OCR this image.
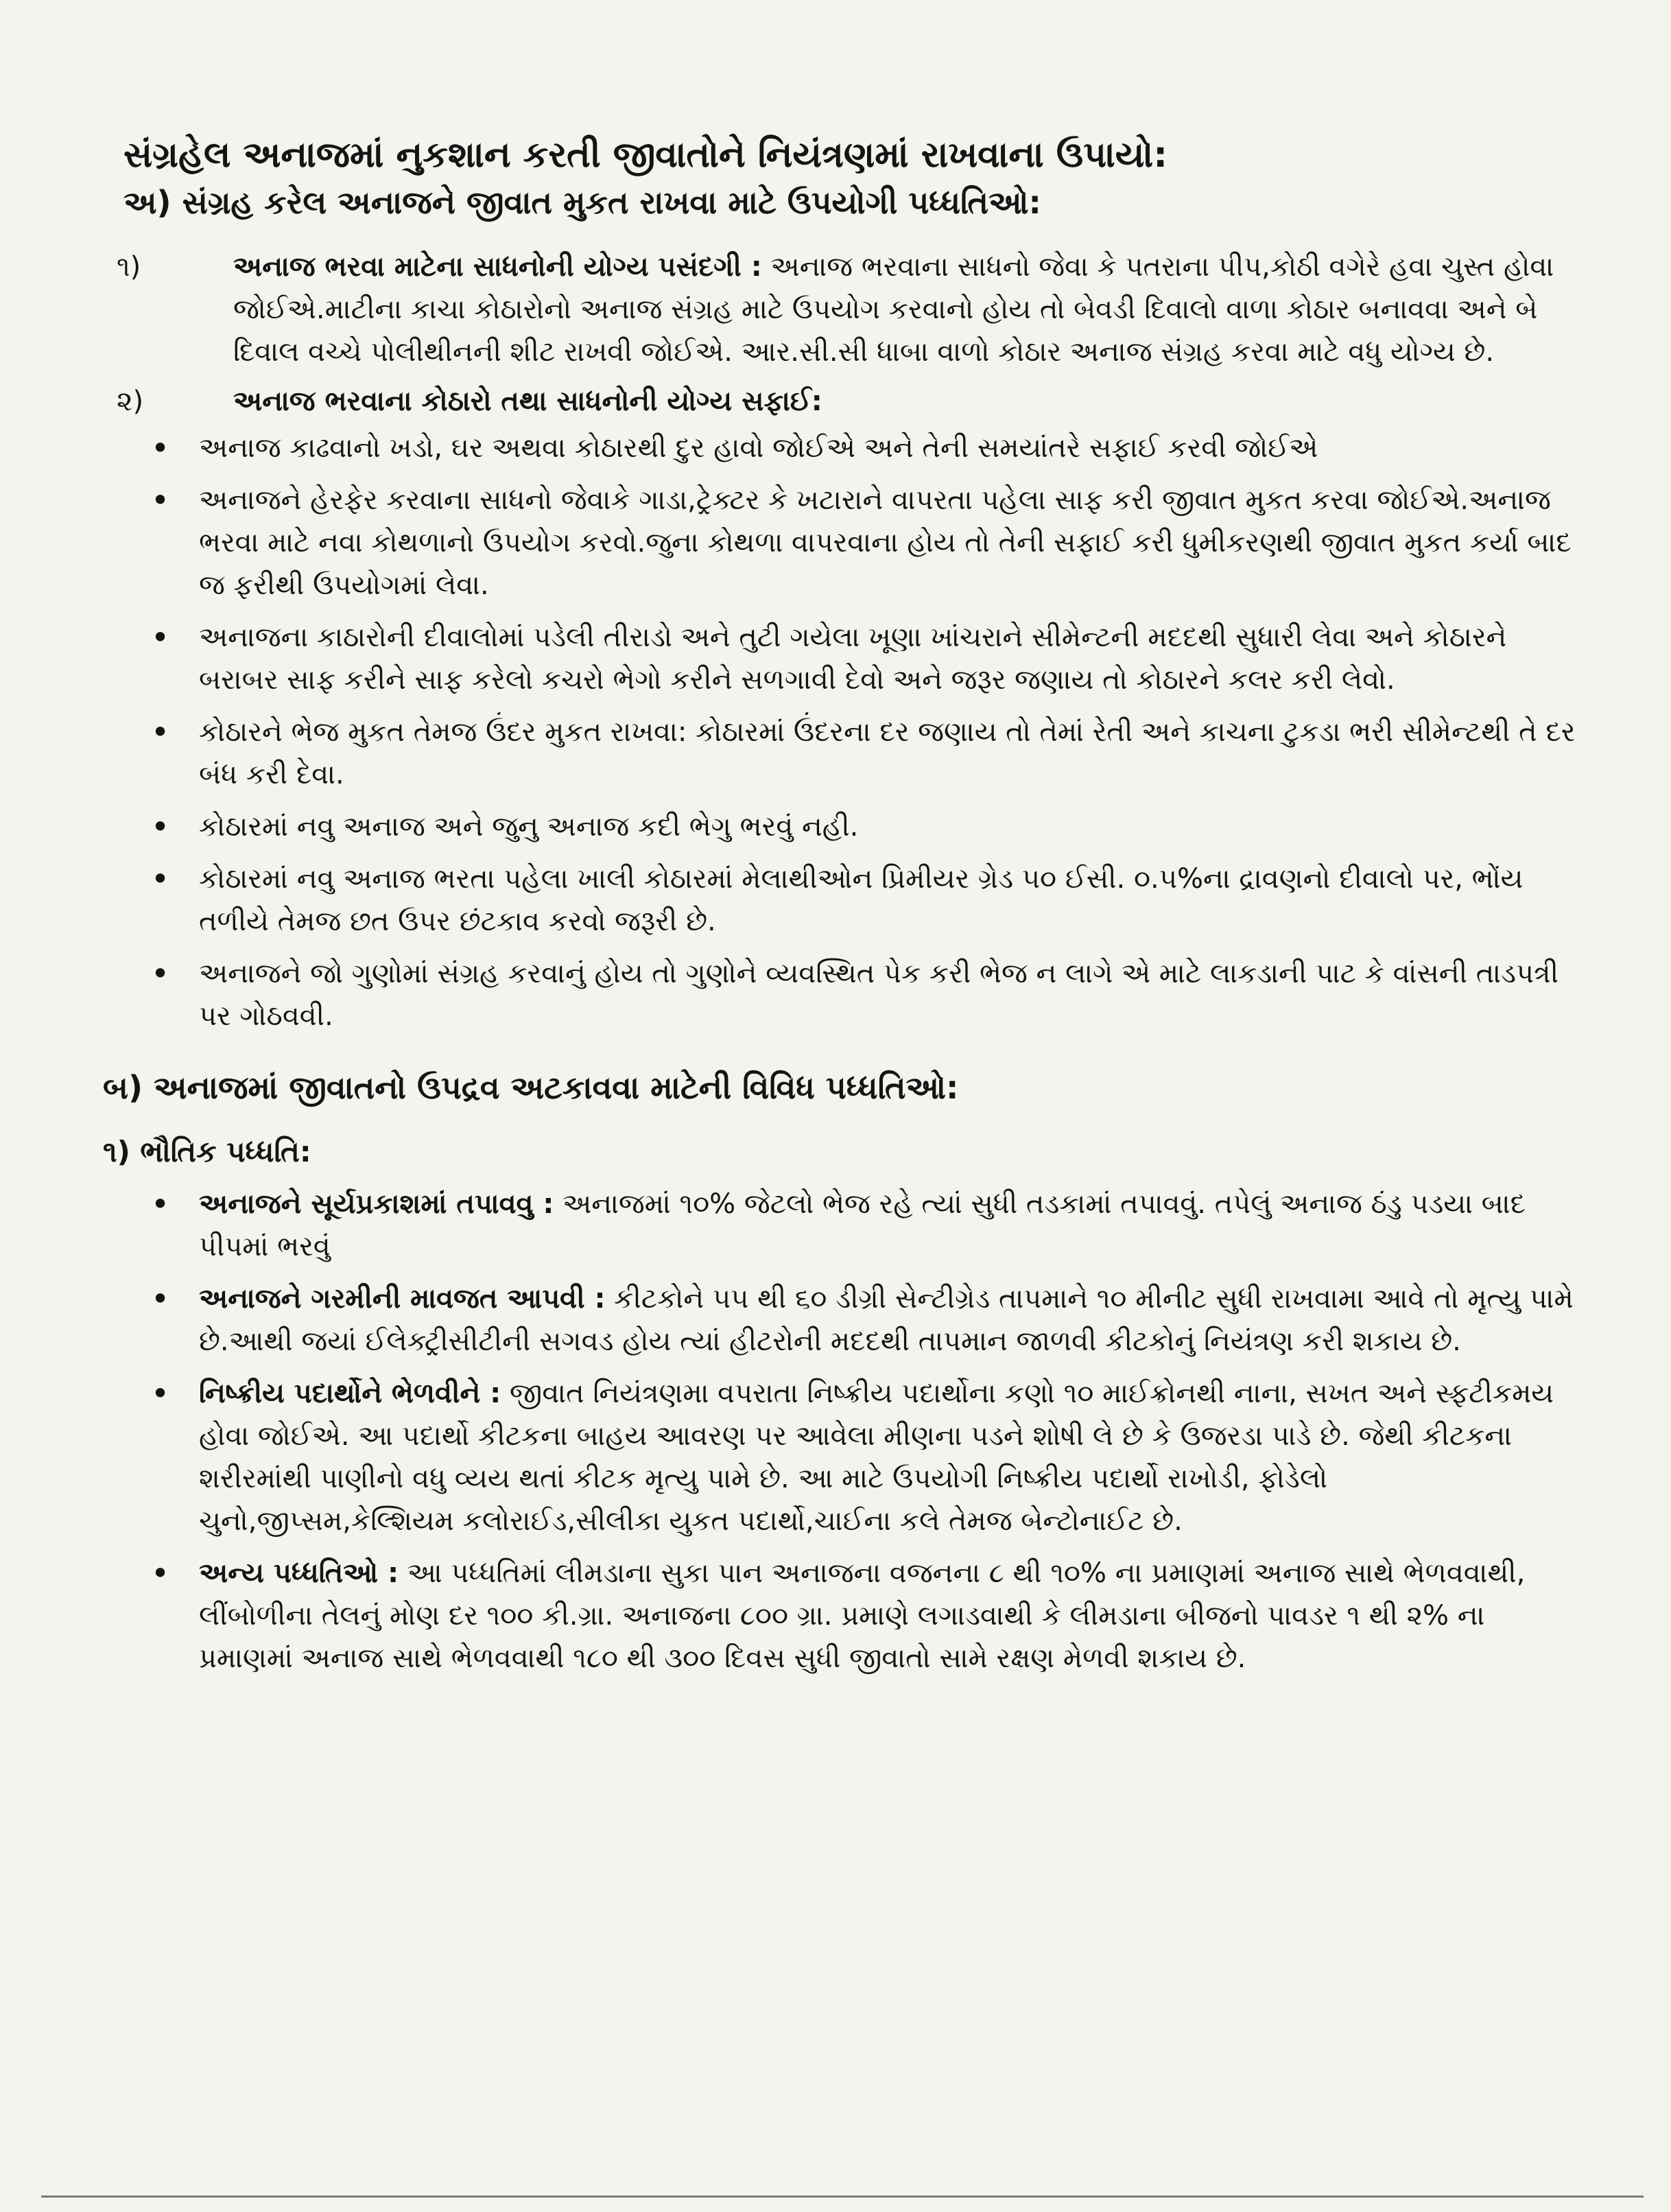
સંગ્રહેલ અનાજમાં નુકશાન કરતી જીવાતોને નિયંત્રણમાં રાખવાના ઉપાયો:
અ) સંગ્રહ કરેલ અનાજને જીવાત મુકત રાખવા માટે ઉપયોગી પધ્ધતિઓ:
૧)	અનાજ ભરવા માટેના સાધનોની યોગ્ય પસંદગી : અનાજ ભરવાના સાધનો જેવા કે પતરાના પીપ,કોઠી વગેરે હવા ચુસ્ત હોવા જોઈએ.માટીના કાચા કોઠારોનો અનાજ સંગ્રહ માટે ઉપયોગ કરવાનો હોય તો બેવડી દિવાલો વાળા કોઠાર બનાવવા અને બે દિવાલ વચ્ચે પોલીથીનની શીટ રાખવી જોઈએ. આર.સી.સી ધાબા વાળો કોઠાર અનાજ સંગ્રહ કરવા માટે વધુ યોગ્ય છે.
૨)	અનાજ ભરવાના કોઠારો તથા સાધનોની યોગ્ય સફાઈ:
• અનાજ કાઢવાનો ખડો, ઘર અથવા કોઠારથી દુર હાવો જોઈએ અને તેની સમયાંતરે સફાઈ કરવી જોઈએ
• અનાજને હેરફેર કરવાના સાધનો જેવાકે ગાડા,ટ્રેક્ટર કે ખટારાને વાપરતા પહેલા સાફ કરી જીવાત મુકત કરવા જોઈએ.અનાજ ભરવા માટે નવા કોથળાનો ઉપયોગ કરવો.જુના કોથળા વાપરવાના હોય તો તેની સફાઈ કરી ધુમીકરણથી જીવાત મુકત કર્યા બાદ જ ફરીથી ઉપયોગમાં લેવા.
• અનાજના કાઠારોની દીવાલોમાં પડેલી તીરાડો અને તુટી ગયેલા ખૂણા ખાંચરાને સીમેન્ટની મદદથી સુધારી લેવા અને કોઠારને બરાબર સાફ કરીને સાફ કરેલો કચરો ભેગો કરીને સળગાવી દેવો અને જરૂર જણાય તો કોઠારને કલર કરી લેવો.
• કોઠારને ભેજ મુકત તેમજ ઉંદર મુકત રાખવા: કોઠારમાં ઉંદરના દર જણાય તો તેમાં રેતી અને કાચના ટુકડા ભરી સીમેન્ટથી તે દર બંધ કરી દેવા.
• કોઠારમાં નવુ અનાજ અને જુનુ અનાજ કદી ભેગુ ભરવું નહી.
• કોઠારમાં નવુ અનાજ ભરતા પહેલા ખાલી કોઠારમાં મેલાથીઓન પ્રિમીયર ગ્રેડ ૫૦ ઈસી. ૦.૫%ના દ્રાવણનો દીવાલો પર, ભોંય તળીયે તેમજ છત ઉપર છંટકાવ કરવો જરૂરી છે.
• અનાજને જો ગુણોમાં સંગ્રહ કરવાનું હોય તો ગુણોને વ્યવસ્થિત પેક કરી ભેજ ન લાગે એ માટે લાકડાની પાટ કે વાંસની તાડપત્રી પર ગોઠવવી.
બ) અનાજમાં જીવાતનો ઉપદ્રવ અટકાવવા માટેની વિવિધ પધ્ધતિઓ:
૧) ભૌતિક પધ્ધતિ:
• અનાજને સૂર્યપ્રકાશમાં તપાવવુ : અનાજમાં ૧૦% જેટલો ભેજ રહે ત્યાં સુધી તડકામાં તપાવવું. તપેલું અનાજ ઠંડુ પડયા બાદ પીપમાં ભરવું
• અનાજને ગરમીની માવજત આપવી : કીટકોને ૫૫ થી ૬૦ ડીગ્રી સેન્ટીગ્રેડ તાપમાને ૧૦ મીનીટ સુધી રાખવામા આવે તો મૃત્યુ પામે છે.આથી જયાં ઈલેક્ટ્રીસીટીની સગવડ હોય ત્યાં હીટરોની મદદથી તાપમાન જાળવી કીટકોનું નિયંત્રણ કરી શકાય છે.
• નિષ્ક્રીય પદાર્થોને ભેળવીને : જીવાત નિયંત્રણમા વપરાતા નિષ્ક્રીય પદાર્થોના કણો ૧૦ માઈક્રોનથી નાના, સખત અને સ્ફટીકમય હોવા જોઈએ. આ પદાર્થો કીટકના બાહય આવરણ પર આવેલા મીણના પડને શોષી લે છે કે ઉજરડા પાડે છે. જેથી કીટકના શરીરમાંથી પાણીનો વધુ વ્યય થતાં કીટક મૃત્યુ પામે છે. આ માટે ઉપયોગી નિષ્ક્રીય પદાર્થો રાખોડી, ફોડેલો ચુનો,જીપ્સમ,કેલ્શિયમ કલોરાઈડ,સીલીકા યુકત પદાર્થો,ચાઈના કલે તેમજ બેન્ટોનાઈટ છે.
• અન્ય પધ્ધતિઓ : આ પધ્ધતિમાં લીમડાના સુકા પાન અનાજના વજનના ૮ થી ૧૦% ના પ્રમાણમાં અનાજ સાથે ભેળવવાથી, લીંબોળીના તેલનું મોણ દર ૧૦૦ કી.ગ્રા. અનાજના ૮૦૦ ગ્રા. પ્રમાણે લગાડવાથી કે લીમડાના બીજનો પાવડર ૧ થી ૨% ના પ્રમાણમાં અનાજ સાથે ભેળવવાથી ૧૮૦ થી ૩૦૦ દિવસ સુધી જીવાતો સામે રક્ષણ મેળવી શકાય છે.
